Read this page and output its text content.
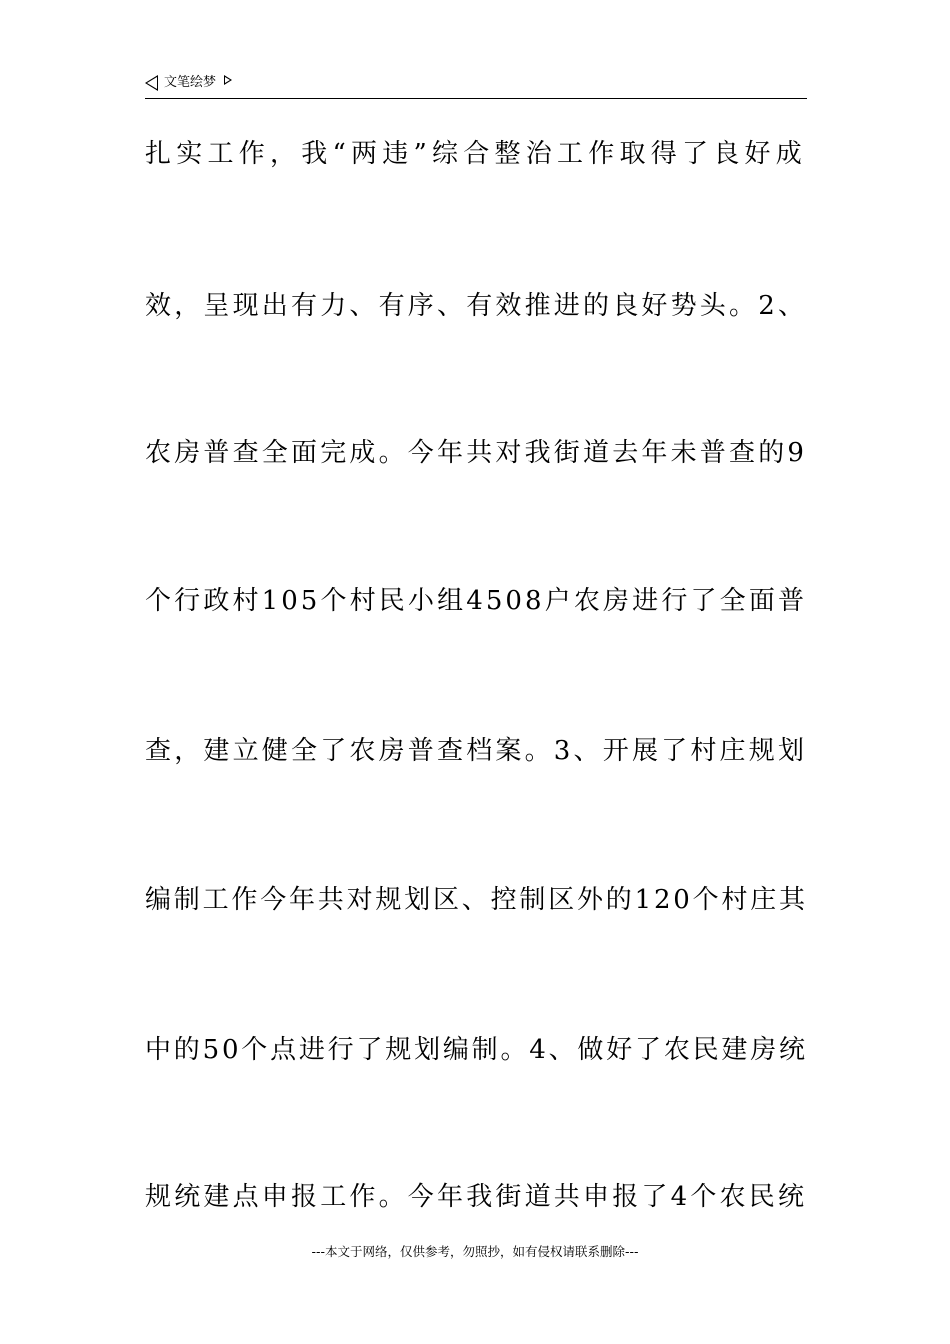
文笔绘梦
扎实工作，我“两违”综合整治工作取得了良好成
效，呈现出有力、有序、有效推进的良好势头。2、
农房普查全面完成。今年共对我街道去年未普查的9
个行政村105个村民小组4508户农房进行了全面普
查，建立健全了农房普查档案。3、开展了村庄规划
编制工作今年共对规划区、控制区外的120个村庄其
中的50个点进行了规划编制。4、做好了农民建房统
规统建点申报工作。今年我街道共申报了4个农民统
---本文于网络，仅供参考，勿照抄，如有侵权请联系删除---
